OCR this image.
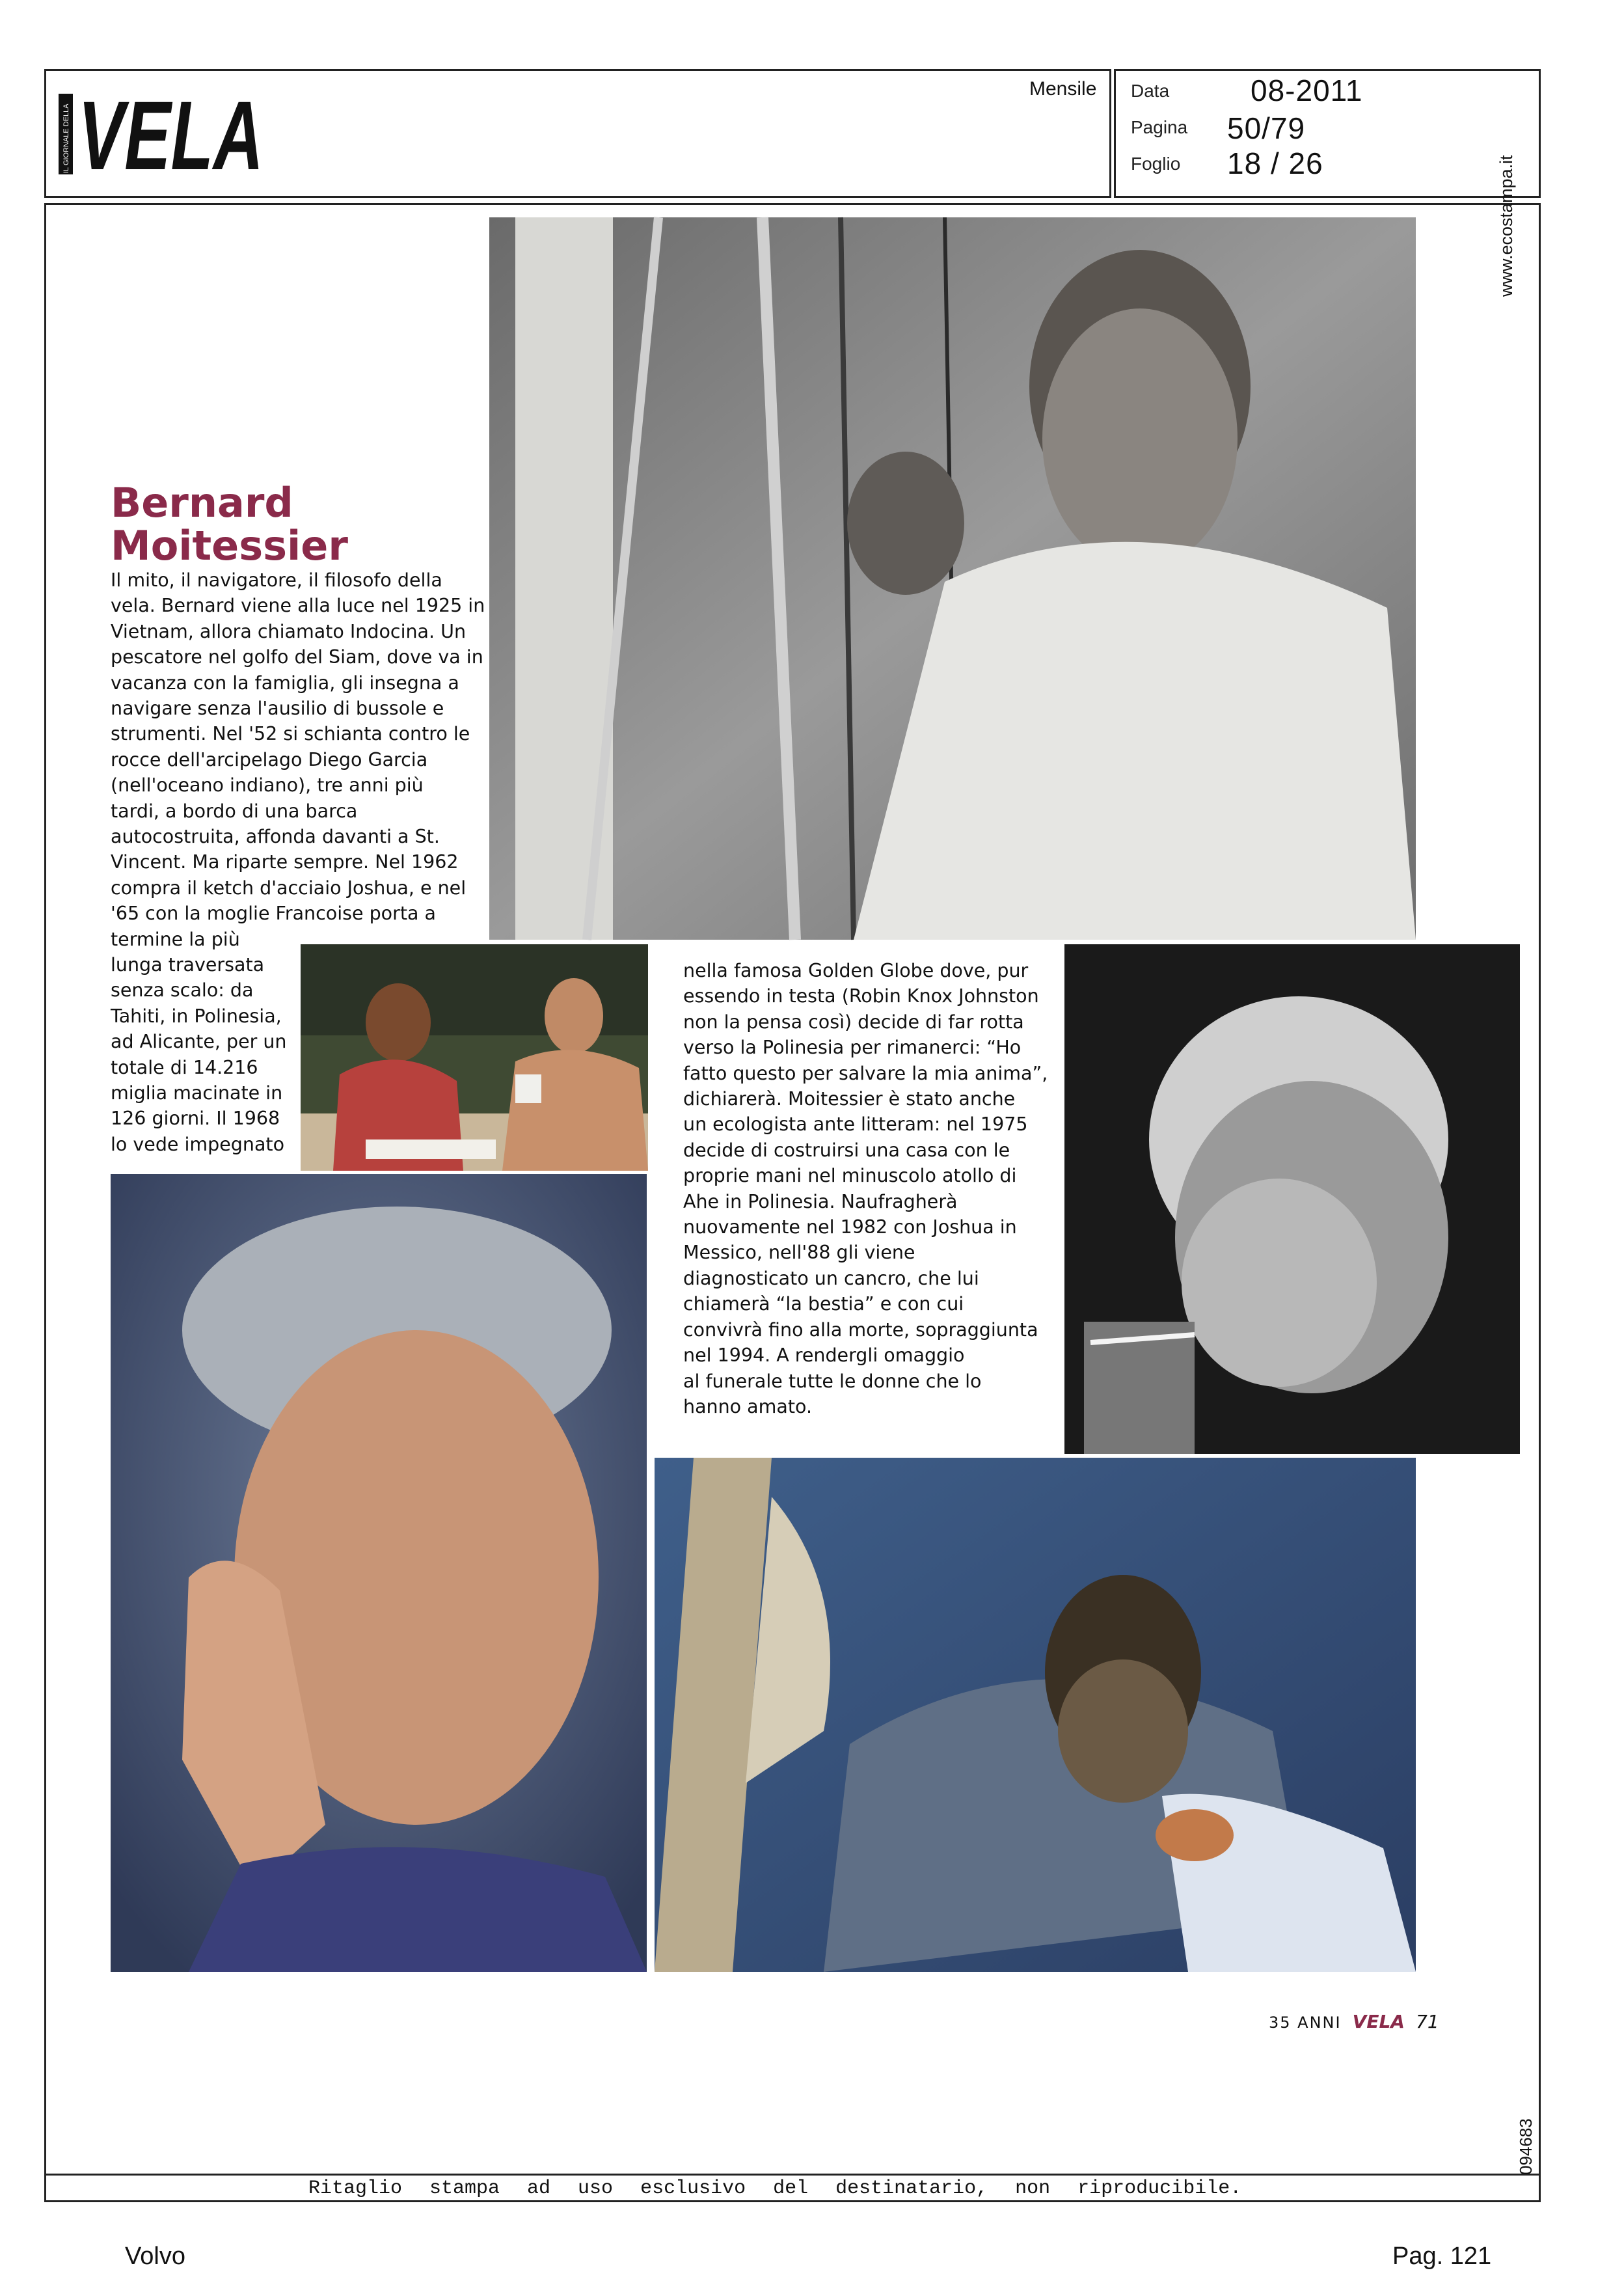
IL GIORNALE DELLA VELA	Mensile Data	08-2011
Pagina 50/79
Foglio 18 / 26
Ritaglio stampa ad uso esclusivo del destinatario, non riproducibile.
www.ecostampa.it
094683
Bernard
Moitessier
Il mito, il navigatore, il filosofo della
vela. Bernard viene alla luce nel 1925 in
Vietnam, allora chiamato Indocina. Un
pescatore nel golfo del Siam, dove va in
vacanza con la famiglia, gli insegna a
navigare senza l'ausilio di bussole e
strumenti. Nel '52 si schianta contro le
rocce dell'arcipelago Diego Garcia
(nell'oceano indiano), tre anni più
tardi, a bordo di una barca
autocostruita, affonda davanti a St.
Vincent. Ma riparte sempre. Nel 1962
compra il ketch d'acciaio Joshua, e nel
'65 con la moglie Francoise porta a
termine la più
lunga traversata
senza scalo: da
Tahiti, in Polinesia,
ad Alicante, per un
totale di 14.216
miglia macinate in
126 giorni. Il 1968
lo vede impegnato
nella famosa Golden Globe dove, pur
essendo in testa (Robin Knox Johnston
non la pensa così) decide di far rotta
verso la Polinesia per rimanerci: “Ho
fatto questo per salvare la mia anima”,
dichiarerà. Moitessier è stato anche
un ecologista ante litteram: nel 1975
decide di costruirsi una casa con le
proprie mani nel minuscolo atollo di
Ahe in Polinesia. Naufragherà
nuovamente nel 1982 con Joshua in
Messico, nell'88 gli viene
diagnosticato un cancro, che lui
chiamerà “la bestia” e con cui
convivrà fino alla morte, sopraggiunta
nel 1994. A rendergli omaggio
al funerale tutte le donne che lo
hanno amato.
35 ANNI VELA 71
Volvo	Pag. 121
